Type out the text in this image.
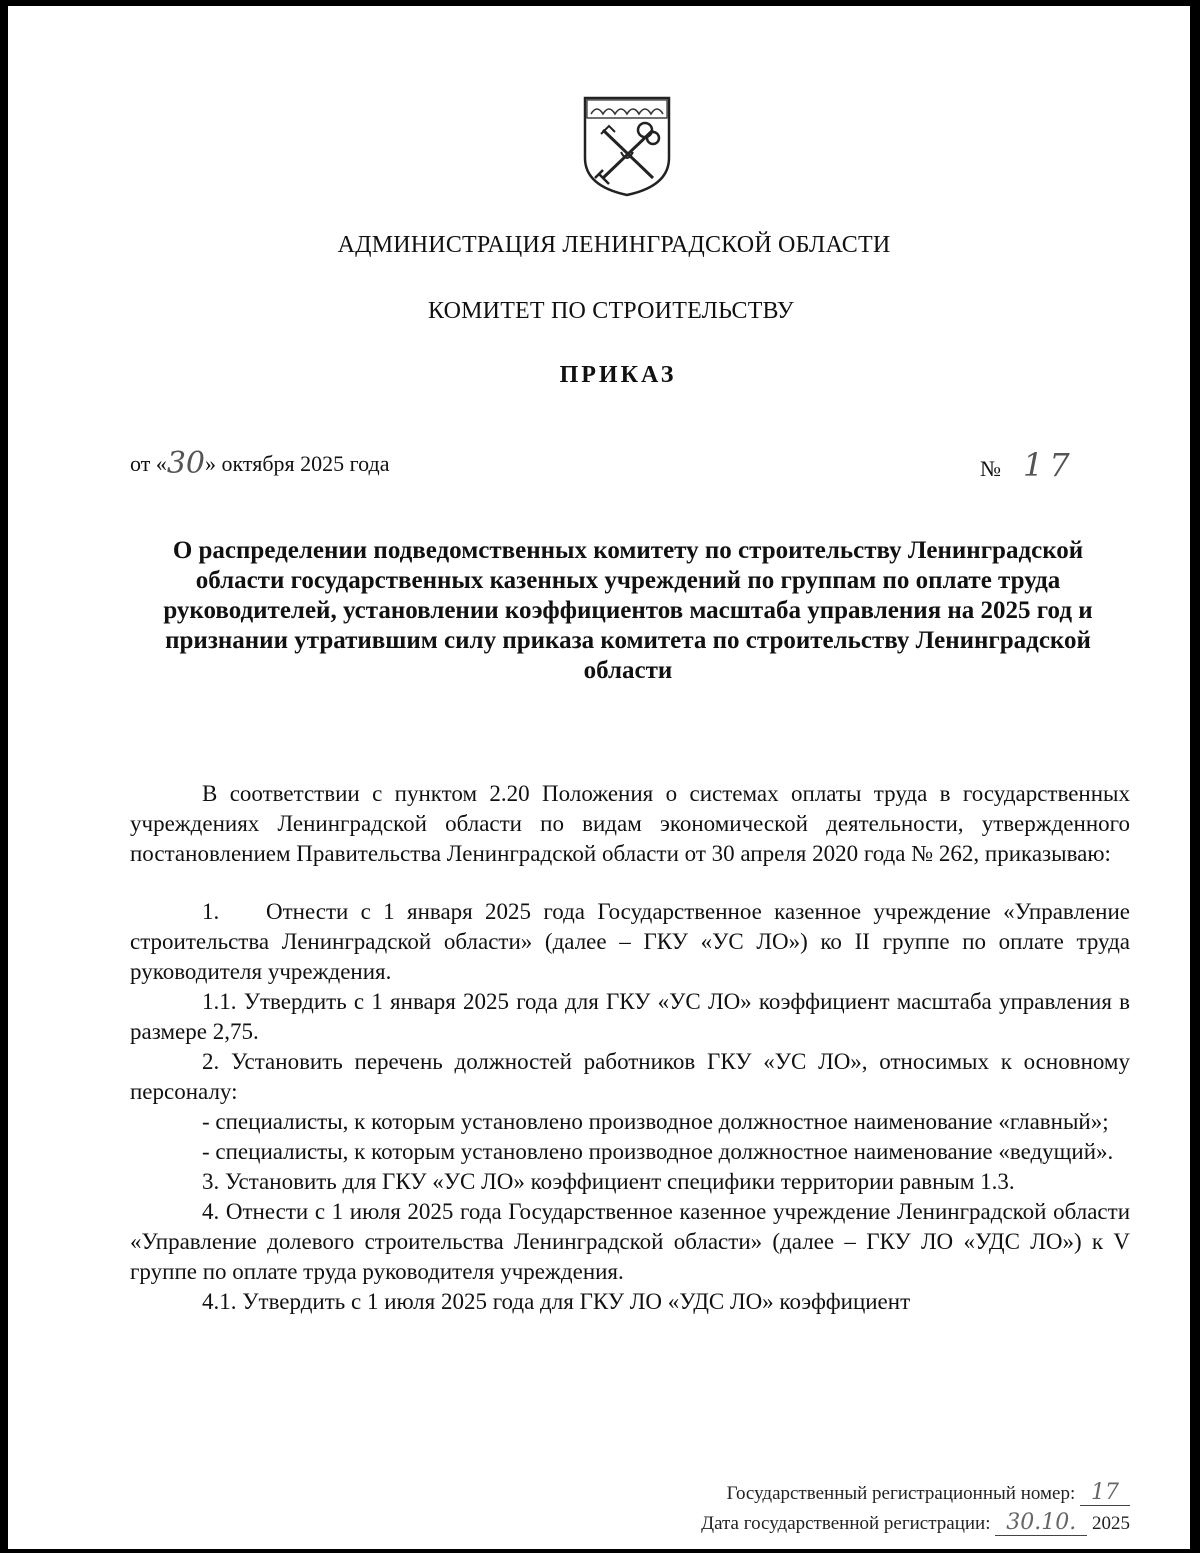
АДМИНИСТРАЦИЯ ЛЕНИНГРАДСКОЙ ОБЛАСТИ
КОМИТЕТ ПО СТРОИТЕЛЬСТВУ
ПРИКАЗ
от «30» октября 2025 года	№ 17
О распределении подведомственных комитету по строительству Ленинградской области государственных казенных учреждений по группам по оплате труда руководителей, установлении коэффициентов масштаба управления на 2025 год и признании утратившим силу приказа комитета по строительству Ленинградской области

В соответствии с пунктом 2.20 Положения о системах оплаты труда в государственных учреждениях Ленинградской области по видам экономической деятельности, утвержденного постановлением Правительства Ленинградской области от 30 апреля 2020 года № 262, приказываю:

1. Отнести с 1 января 2025 года Государственное казенное учреждение «Управление строительства Ленинградской области» (далее – ГКУ «УС ЛО») ко II группе по оплате труда руководителя учреждения.

1.1. Утвердить с 1 января 2025 года для ГКУ «УС ЛО» коэффициент масштаба управления в размере 2,75.

2. Установить перечень должностей работников ГКУ «УС ЛО», относимых к основному персоналу:

- специалисты, к которым установлено производное должностное наименование «главный»;

- специалисты, к которым установлено производное должностное наименование «ведущий».

3. Установить для ГКУ «УС ЛО» коэффициент специфики территории равным 1.3.

4. Отнести с 1 июля 2025 года Государственное казенное учреждение Ленинградской области «Управление долевого строительства Ленинградской области» (далее – ГКУ ЛО «УДС ЛО») к V группе по оплате труда руководителя учреждения.

4.1. Утвердить с 1 июля 2025 года для ГКУ ЛО «УДС ЛО» коэффициент

Государственный регистрационный номер: 17
Дата государственной регистрации: 30.10. 2025
